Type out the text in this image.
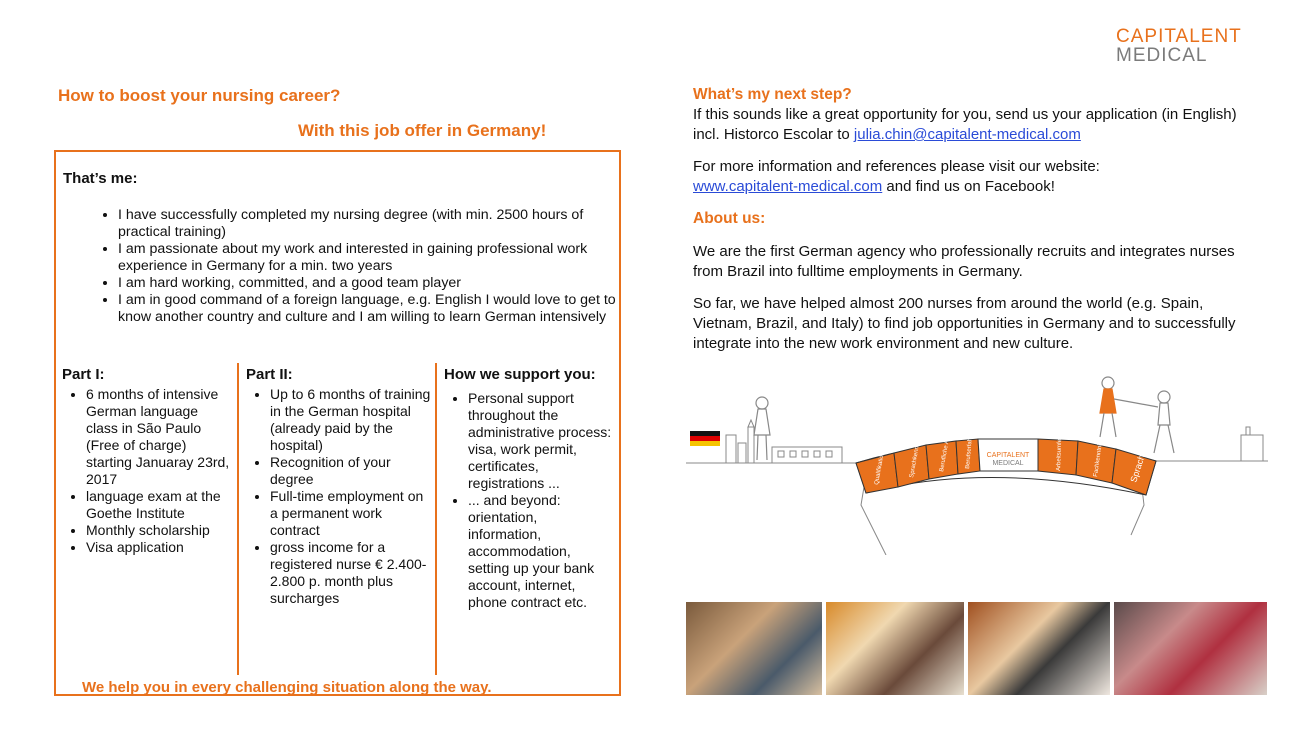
CAPITALENT
MEDICAL
How to boost your nursing career?
With this job offer in Germany!
That’s me:
• I have successfully completed my nursing degree (with min. 2500 hours of practical training)
• I am passionate about my work and interested in gaining professional work experience in Germany for a min. two years
• I am hard working, committed, and a good team player
• I am in good command of a foreign language, e.g. English I would love to get to know another country and culture and I am willing to learn German intensively
Part I:
• 6 months of intensive German language class in São Paulo (Free of charge) starting Januaray 23rd, 2017
• language exam at the Goethe Institute
• Monthly scholarship
• Visa application
Part II:
• Up to 6 months of training in the German hospital (already paid by the hospital)
• Recognition of your degree
• Full-time employment on a permanent work contract
• gross income for a registered nurse € 2.400-2.800 p. month plus surcharges
How we support you:
• Personal support throughout the administrative process: visa, work permit, certificates, registrations ...
• ... and beyond: orientation, information, accommodation, setting up your bank account, internet, phone contract etc.
We help you in every challenging situation along the way.
What’s my next step?
If this sounds like a great opportunity for you, send us your application (in English) incl. Historco Escolar to julia.chin@capitalent-medical.com
For more information and references please visit our website:
www.capitalent-medical.com and find us on Facebook!
About us:
We are the first German agency who professionally recruits and integrates nurses from Brazil into fulltime employments in Germany.
So far, we have helped almost 200 nurses from around the world (e.g. Spain, Vietnam, Brazil, and Italy) to find job opportunities in Germany and to successfully integrate into the new work environment and new culture.
CAPITALENT
MEDICAL
Qualifikation	Sprachkenntnisse	Berufliche Anerkennung Berufserfahrung	Arbeitsumfeld Visum	Fachkenntnisse	Sprache
